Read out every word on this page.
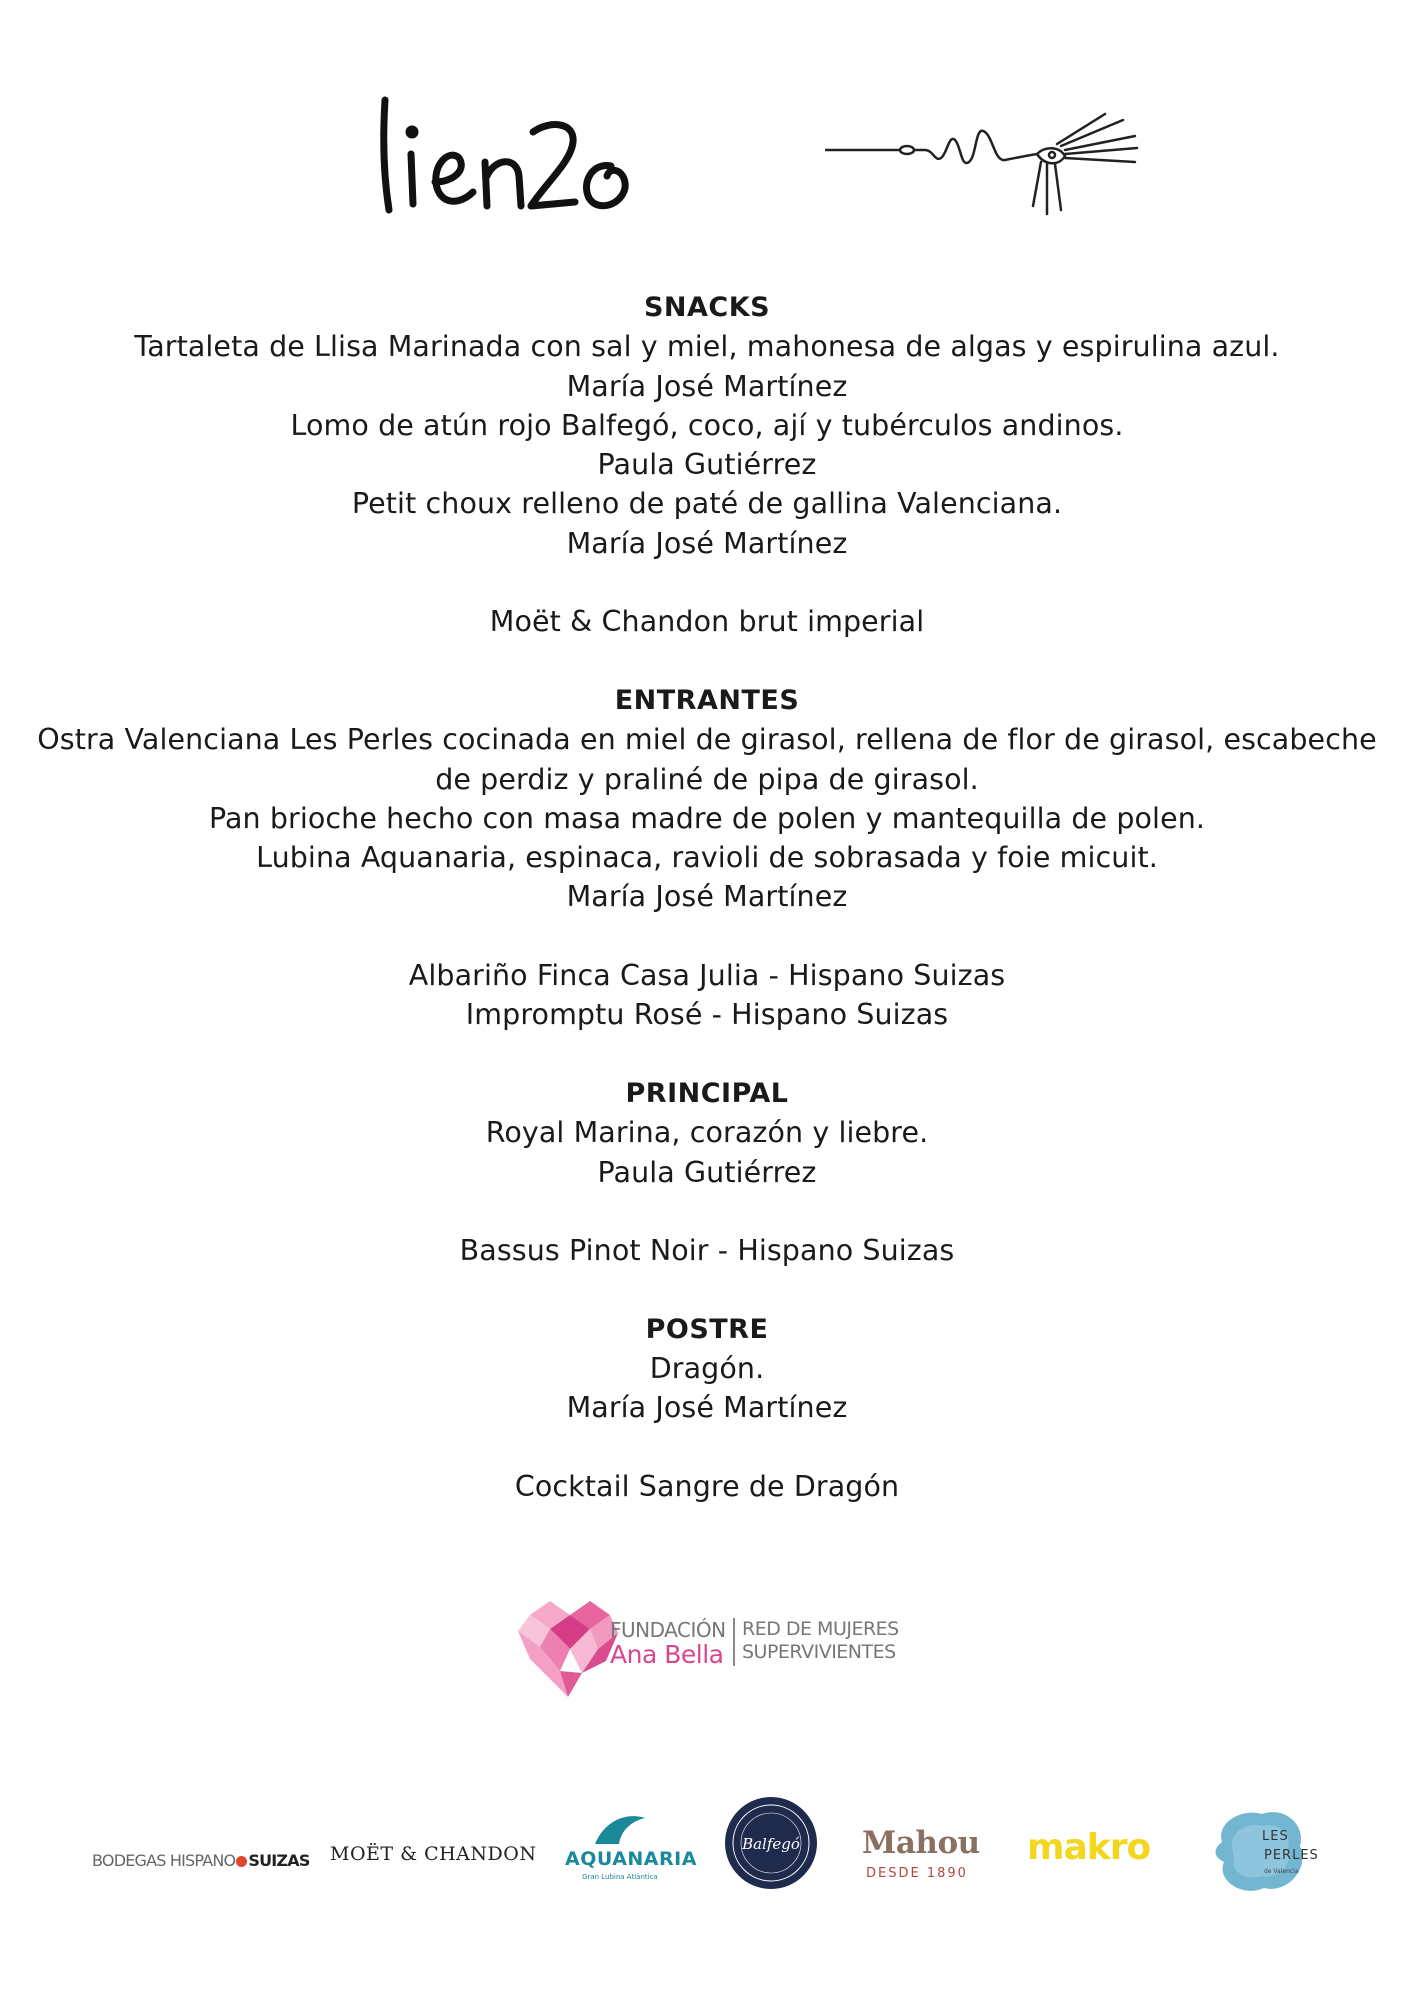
SNACKS
Tartaleta de Llisa Marinada con sal y miel, mahonesa de algas y espirulina azul.
María José Martínez
Lomo de atún rojo Balfegó, coco, ají y tubérculos andinos.
Paula Gutiérrez
Petit choux relleno de paté de gallina Valenciana.
María José Martínez
Moët & Chandon brut imperial
ENTRANTES
Ostra Valenciana Les Perles cocinada en miel de girasol, rellena de flor de girasol, escabeche de perdiz y praliné de pipa de girasol.
Pan brioche hecho con masa madre de polen y mantequilla de polen.
Lubina Aquanaria, espinaca, ravioli de sobrasada y foie micuit.
María José Martínez
Albariño Finca Casa Julia - Hispano Suizas
Impromptu Rosé - Hispano Suizas
PRINCIPAL
Royal Marina, corazón y liebre.
Paula Gutiérrez
Bassus Pinot Noir - Hispano Suizas
POSTRE
Dragón.
María José Martínez
Cocktail Sangre de Dragón
FUNDACIÓN
Ana Bella
RED DE MUJERES
SUPERVIVIENTES
BODEGAS HISPANO SUIZAS MOËT & CHANDON AQUANARIA
Gran Lubina Atlántica
Balfegó Mahou
DESDE 1890
makro	LES
PERLES
de Valencia
